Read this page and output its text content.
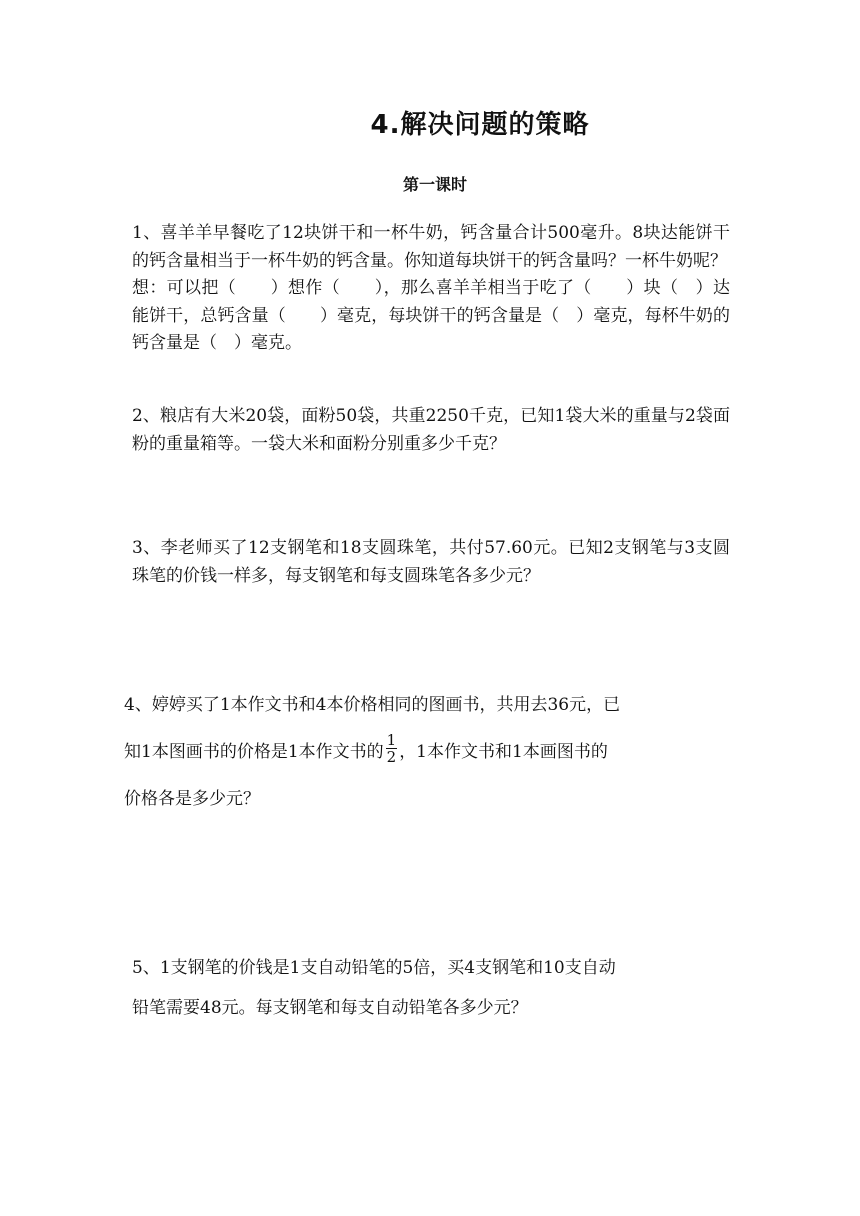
4.解决问题的策略
第一课时

1、喜羊羊早餐吃了12块饼干和一杯牛奶，钙含量合计500毫升。8块达能饼干的钙含量相当于一杯牛奶的钙含量。你知道每块饼干的钙含量吗？一杯牛奶呢？

想：可以把（　　）想作（　　），那么喜羊羊相当于吃了（　　）块（　）达能饼干，总钙含量（　　）毫克，每块饼干的钙含量是（　）毫克，每杯牛奶的钙含量是（　）毫克。

2、粮店有大米20袋，面粉50袋，共重2250千克，已知1袋大米的重量与2袋面粉的重量箱等。一袋大米和面粉分别重多少千克？

3、李老师买了12支钢笔和18支圆珠笔，共付57.60元。已知2支钢笔与3支圆珠笔的价钱一样多，每支钢笔和每支圆珠笔各多少元？

4、婷婷买了1本作文书和4本价格相同的图画书，共用去36元，已
知1本图画书的价格是1本作文书的 $\frac{1}{2}$ ，1本作文书和1本画图书的
价格各是多少元？
5、1支钢笔的价钱是1支自动铅笔的5倍，买4支钢笔和10支自动
铅笔需要48元。每支钢笔和每支自动铅笔各多少元？
